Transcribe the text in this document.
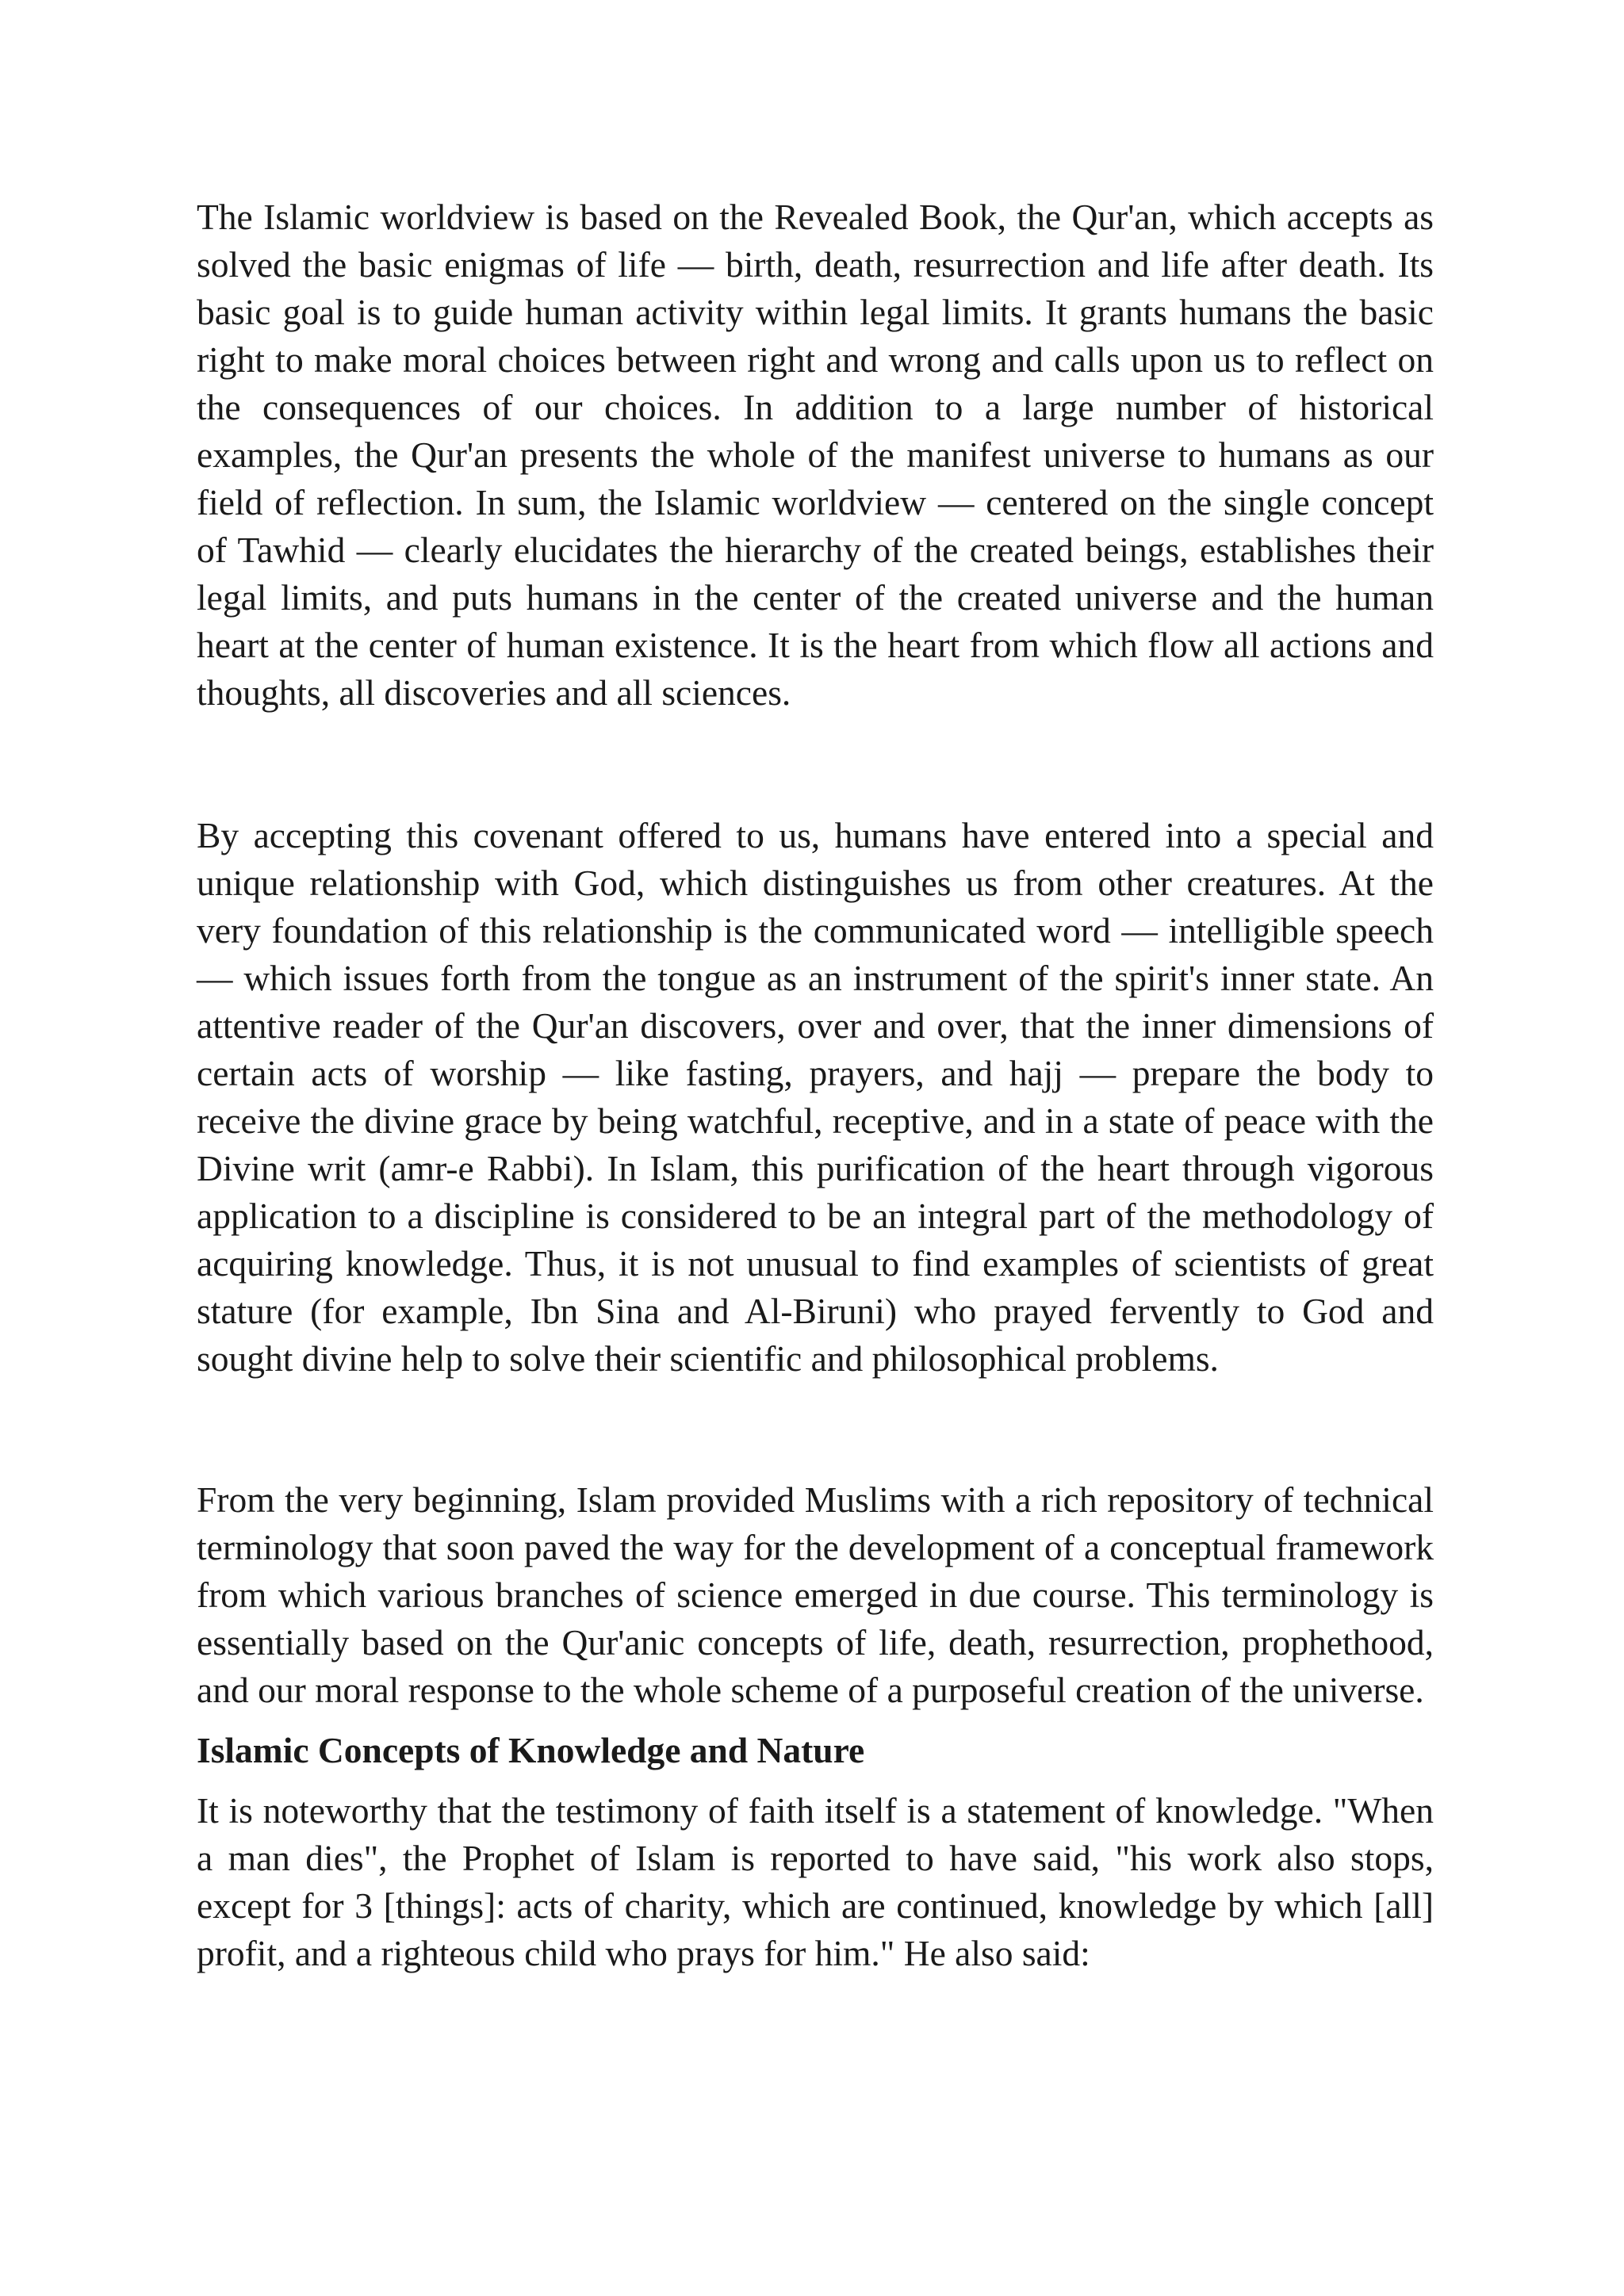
The Islamic worldview is based on the Revealed Book, the Qur'an, which accepts as solved the basic enigmas of life — birth, death, resurrection and life after death. Its basic goal is to guide human activity within legal limits. It grants humans the basic right to make moral choices between right and wrong and calls upon us to reflect on the consequences of our choices. In addition to a large number of historical examples, the Qur'an presents the whole of the manifest universe to humans as our field of reflection. In sum, the Islamic worldview — centered on the single concept of Tawhid — clearly elucidates the hierarchy of the created beings, establishes their legal limits, and puts humans in the center of the created universe and the human heart at the center of human existence. It is the heart from which flow all actions and thoughts, all discoveries and all sciences.

By accepting this covenant offered to us, humans have entered into a special and unique relationship with God, which distinguishes us from other creatures. At the very foundation of this relationship is the communicated word — intelligible speech — which issues forth from the tongue as an instrument of the spirit's inner state. An attentive reader of the Qur'an discovers, over and over, that the inner dimensions of certain acts of worship — like fasting, prayers, and hajj — prepare the body to receive the divine grace by being watchful, receptive, and in a state of peace with the Divine writ (amr-e Rabbi). In Islam, this purification of the heart through vigorous application to a discipline is considered to be an integral part of the methodology of acquiring knowledge. Thus, it is not unusual to find examples of scientists of great stature (for example, Ibn Sina and Al-Biruni) who prayed fervently to God and sought divine help to solve their scientific and philosophical problems.

From the very beginning, Islam provided Muslims with a rich repository of technical terminology that soon paved the way for the development of a conceptual framework from which various branches of science emerged in due course. This terminology is essentially based on the Qur'anic concepts of life, death, resurrection, prophethood, and our moral response to the whole scheme of a purposeful creation of the universe.

Islamic Concepts of Knowledge and Nature

It is noteworthy that the testimony of faith itself is a statement of knowledge. "When a man dies", the Prophet of Islam is reported to have said, "his work also stops, except for 3 [things]: acts of charity, which are continued, knowledge by which [all] profit, and a righteous child who prays for him." He also said:
